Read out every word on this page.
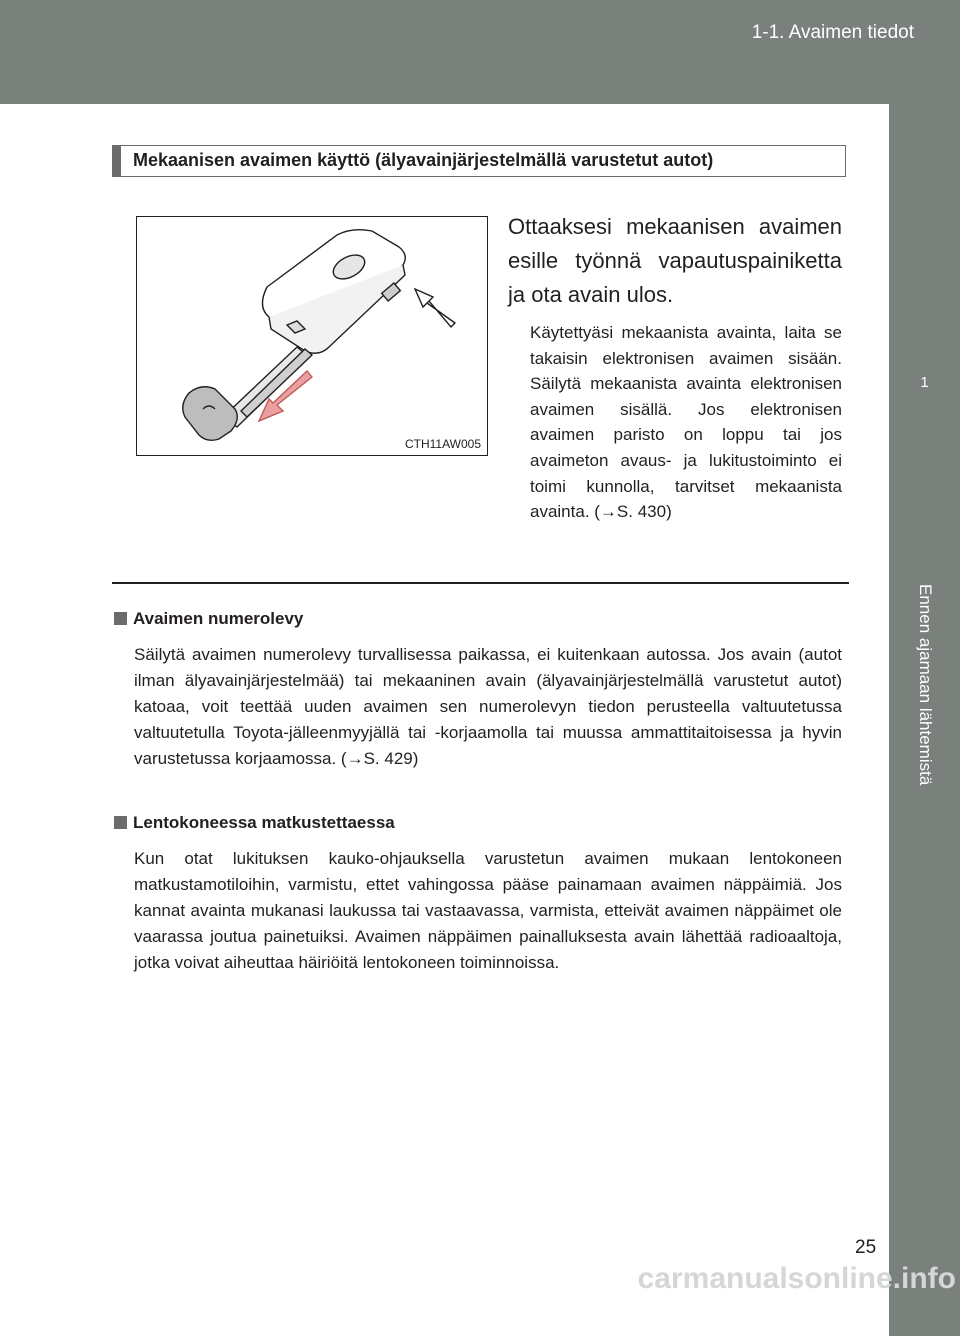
1-1. Avaimen tiedot
1
Mekaanisen avaimen käyttö (älyavainjärjestelmällä varustetut autot)
CTH11AW005
Ottaaksesi mekaanisen avaimen esille työnnä vapautuspainiketta ja ota avain ulos.
Käytettyäsi mekaanista avainta, laita se takaisin elektronisen avaimen sisään. Säilytä mekaanista avainta elektronisen avaimen sisällä. Jos elektronisen avaimen paristo on loppu tai jos avaimeton avaus- ja lukitustoiminto ei toimi kunnolla, tarvitset mekaanista avainta. (→S. 430)
Avaimen numerolevy
Säilytä avaimen numerolevy turvallisessa paikassa, ei kuitenkaan autossa. Jos avain (autot ilman älyavainjärjestelmää) tai mekaaninen avain (älyavainjärjestelmällä varustetut autot) katoaa, voit teettää uuden avaimen sen numerolevyn tiedon perusteella valtuutetussa valtuutetulla Toyota-jälleenmyyjällä tai -korjaamolla tai muussa ammattitaitoisessa ja hyvin varustetussa korjaamossa. (→S. 429)
Lentokoneessa matkustettaessa
Kun otat lukituksen kauko-ohjauksella varustetun avaimen mukaan lentokoneen matkustamotiloihin, varmistu, ettet vahingossa pääse painamaan avaimen näppäimiä. Jos kannat avainta mukanasi laukussa tai vastaavassa, varmista, etteivät avaimen näppäimet ole vaarassa joutua painetuiksi. Avaimen näppäimen painalluksesta avain lähettää radioaaltoja, jotka voivat aiheuttaa häiriöitä lentokoneen toiminnoissa.
25
carmanualsonline.info
